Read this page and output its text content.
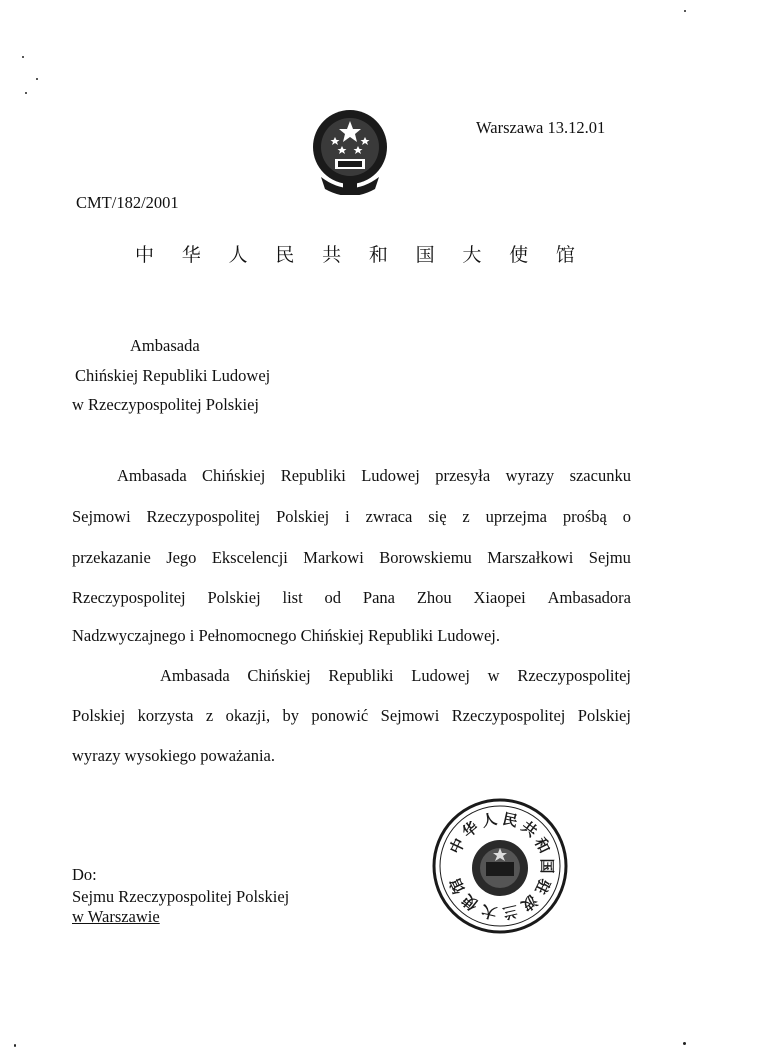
Warszawa 13.12.01
CMT/182/2001
中 华 人 民 共 和 国 大 使 馆
Ambasada
Chińskiej Republiki Ludowej
w Rzeczypospolitej Polskiej
Ambasada Chińskiej Republiki Ludowej przesyła wyrazy szacunku
Sejmowi Rzeczypospolitej Polskiej i zwraca się z uprzejma prośbą o
przekazanie Jego Ekscelencji Markowi Borowskiemu Marszałkowi Sejmu
Rzeczypospolitej Polskiej list od Pana Zhou Xiaopei Ambasadora
Nadzwyczajnego i Pełnomocnego Chińskiej Republiki Ludowej.
Ambasada Chińskiej Republiki Ludowej w Rzeczypospolitej
Polskiej korzysta z okazji, by ponowić Sejmowi Rzeczypospolitej Polskiej
wyrazy wysokiego poważania.
中
华
人 民
共
和
国
驻
波
兰
大
使
馆
Do:
Sejmu Rzeczypospolitej Polskiej
w Warszawie
